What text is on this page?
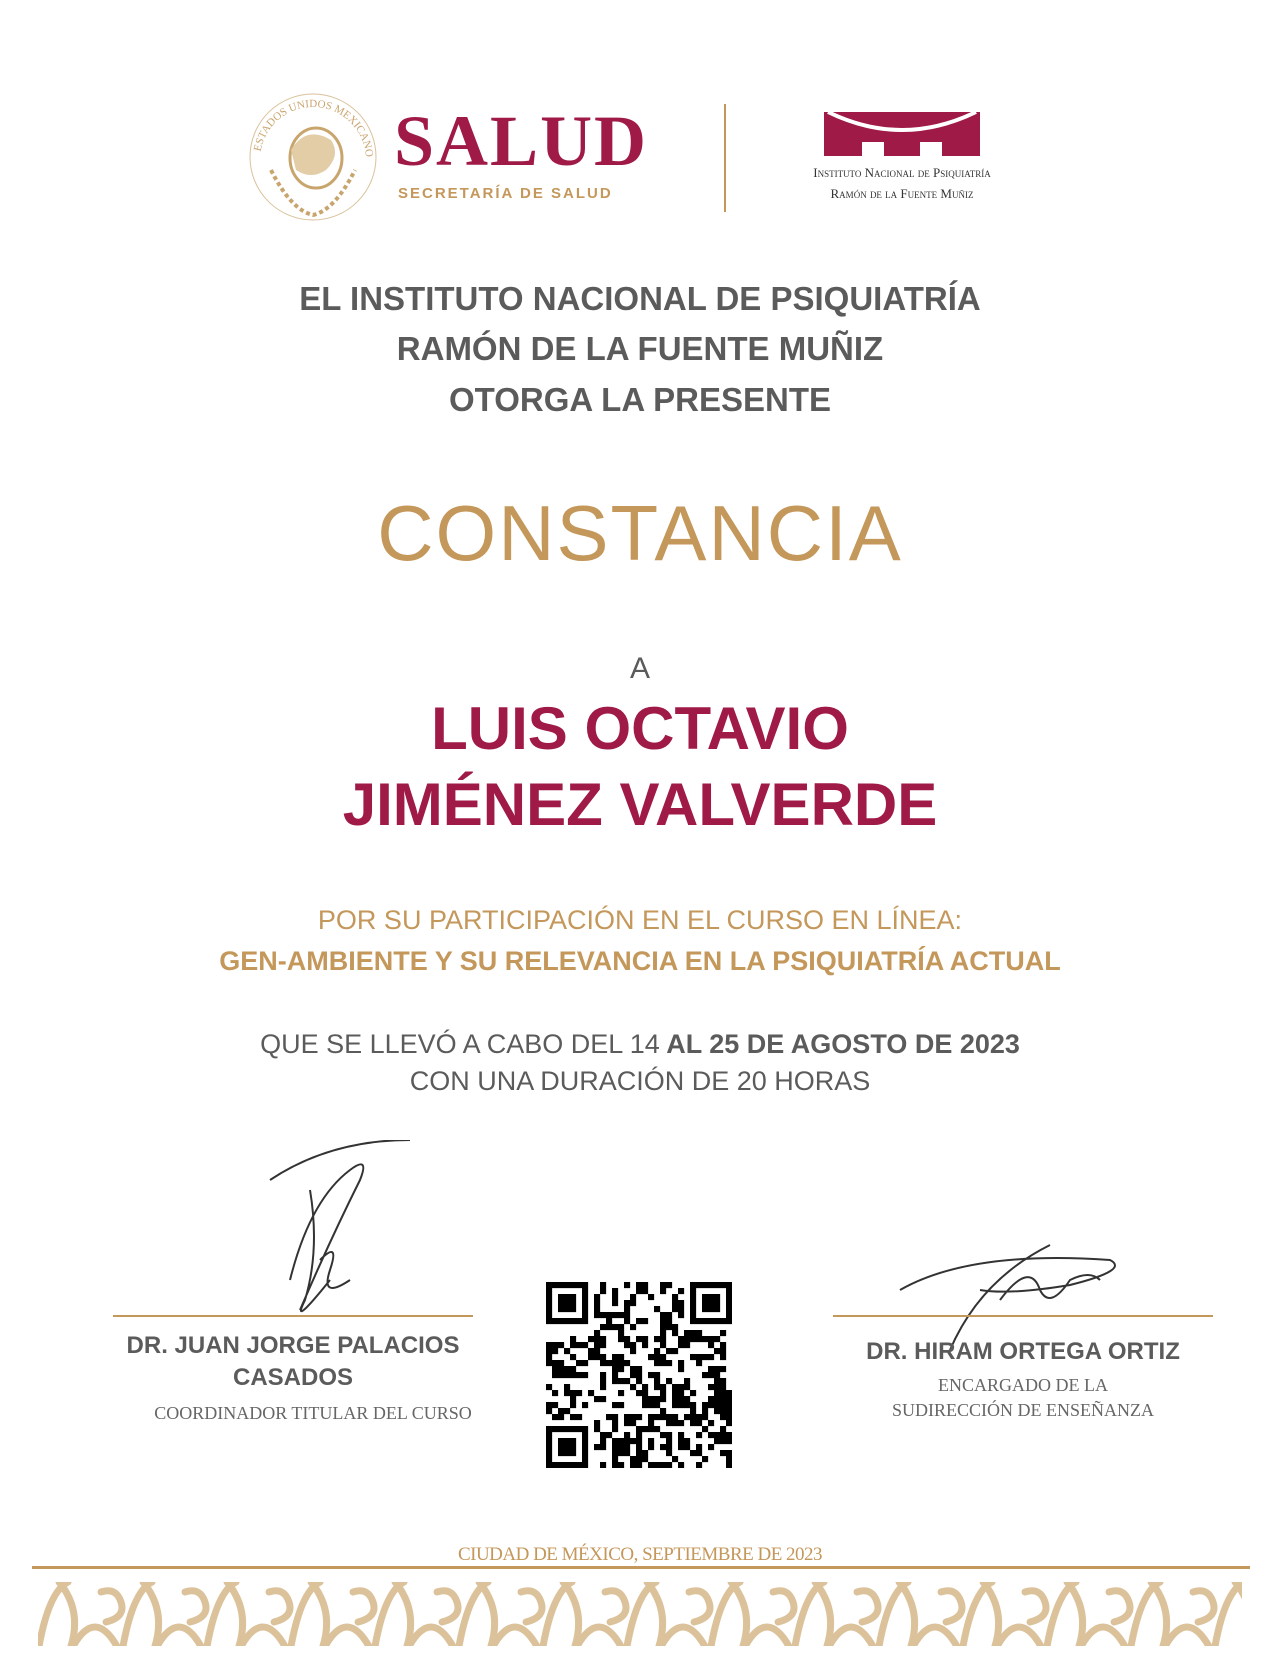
ESTADOS UNIDOS MEXICANO SALUD
SECRETARÍA DE SALUD
Instituto Nacional de Psiquiatría
Ramón de la Fuente Muñiz
EL INSTITUTO NACIONAL DE PSIQUIATRÍA
RAMÓN DE LA FUENTE MUÑIZ
OTORGA LA PRESENTE
CONSTANCIA
A
LUIS OCTAVIO
JIMÉNEZ VALVERDE
POR SU PARTICIPACIÓN EN EL CURSO EN LÍNEA:
GEN-AMBIENTE Y SU RELEVANCIA EN LA PSIQUIATRÍA ACTUAL
QUE SE LLEVÓ A CABO DEL 14 AL 25 DE AGOSTO DE 2023
CON UNA DURACIÓN DE 20 HORAS
DR. JUAN JORGE PALACIOS
CASADOS
COORDINADOR TITULAR DEL CURSO
DR. HIRAM ORTEGA ORTIZ
ENCARGADO DE LA
SUDIRECCIÓN DE ENSEÑANZA
CIUDAD DE MÉXICO, SEPTIEMBRE DE 2023
